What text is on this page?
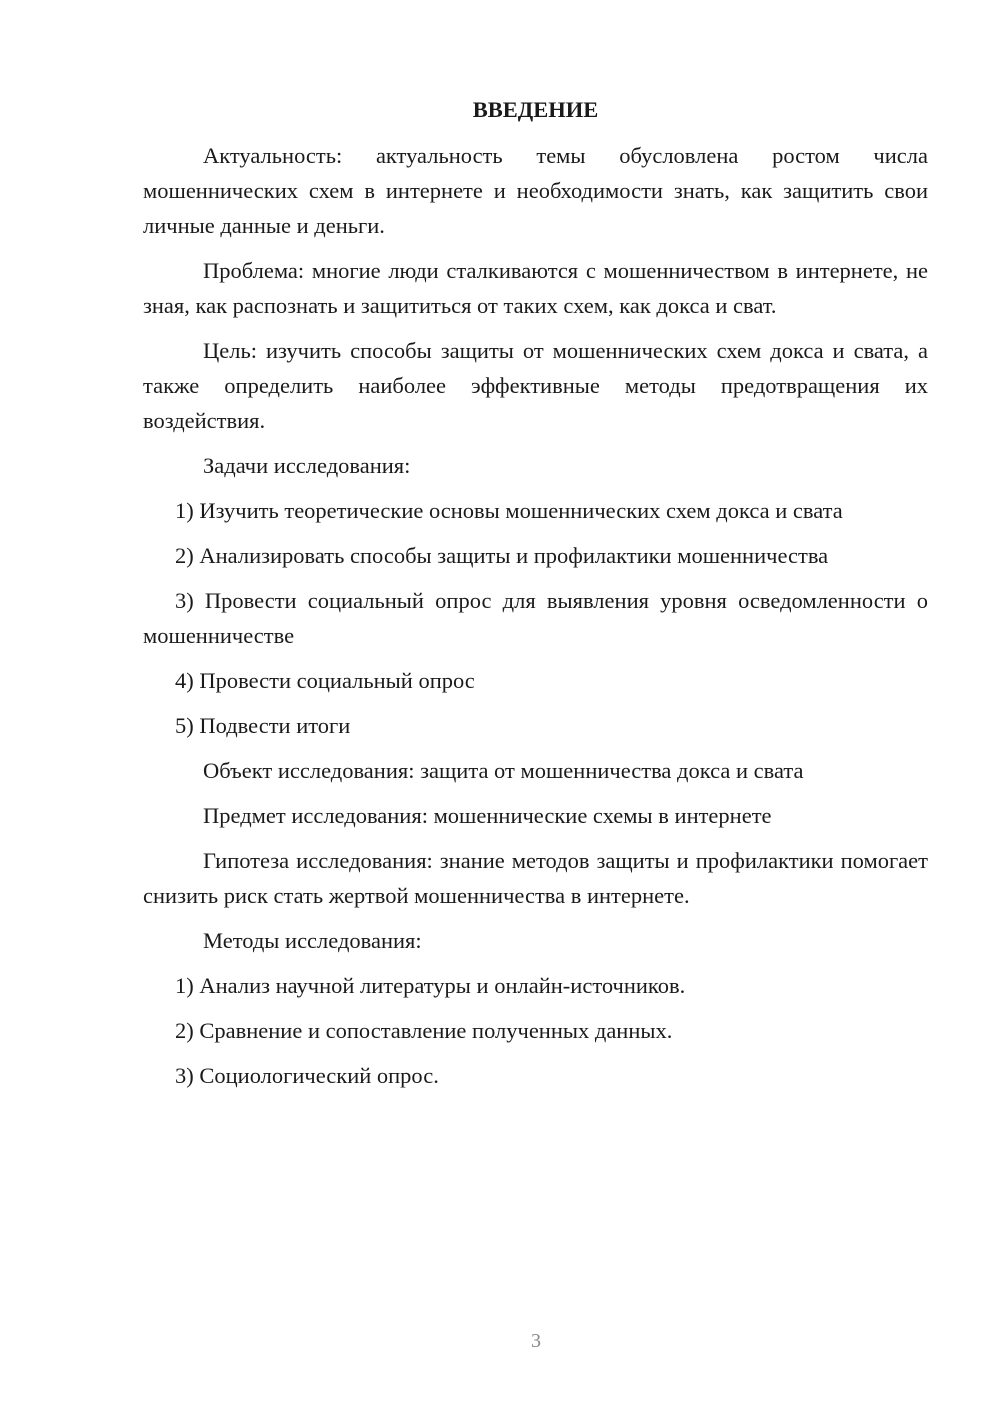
ВВЕДЕНИЕ
Актуальность: актуальность темы обусловлена ростом числа мошеннических схем в интернете и необходимости знать, как защитить свои личные данные и деньги.
Проблема: многие люди сталкиваются с мошенничеством в интернете, не зная, как распознать и защититься от таких схем, как докса и сват.
Цель: изучить способы защиты от мошеннических схем докса и свата, а также определить наиболее эффективные методы предотвращения их воздействия.
Задачи исследования:
1) Изучить теоретические основы мошеннических схем докса и свата
2) Анализировать способы защиты и профилактики мошенничества
3) Провести социальный опрос для выявления уровня осведомленности о мошенничестве
4) Провести социальный опрос
5) Подвести итоги
Объект исследования: защита от мошенничества докса и свата
Предмет исследования: мошеннические схемы в интернете
Гипотеза исследования: знание методов защиты и профилактики помогает снизить риск стать жертвой мошенничества в интернете.
Методы исследования:
1) Анализ научной литературы и онлайн-источников.
2) Сравнение и сопоставление полученных данных.
3) Социологический опрос.
3
